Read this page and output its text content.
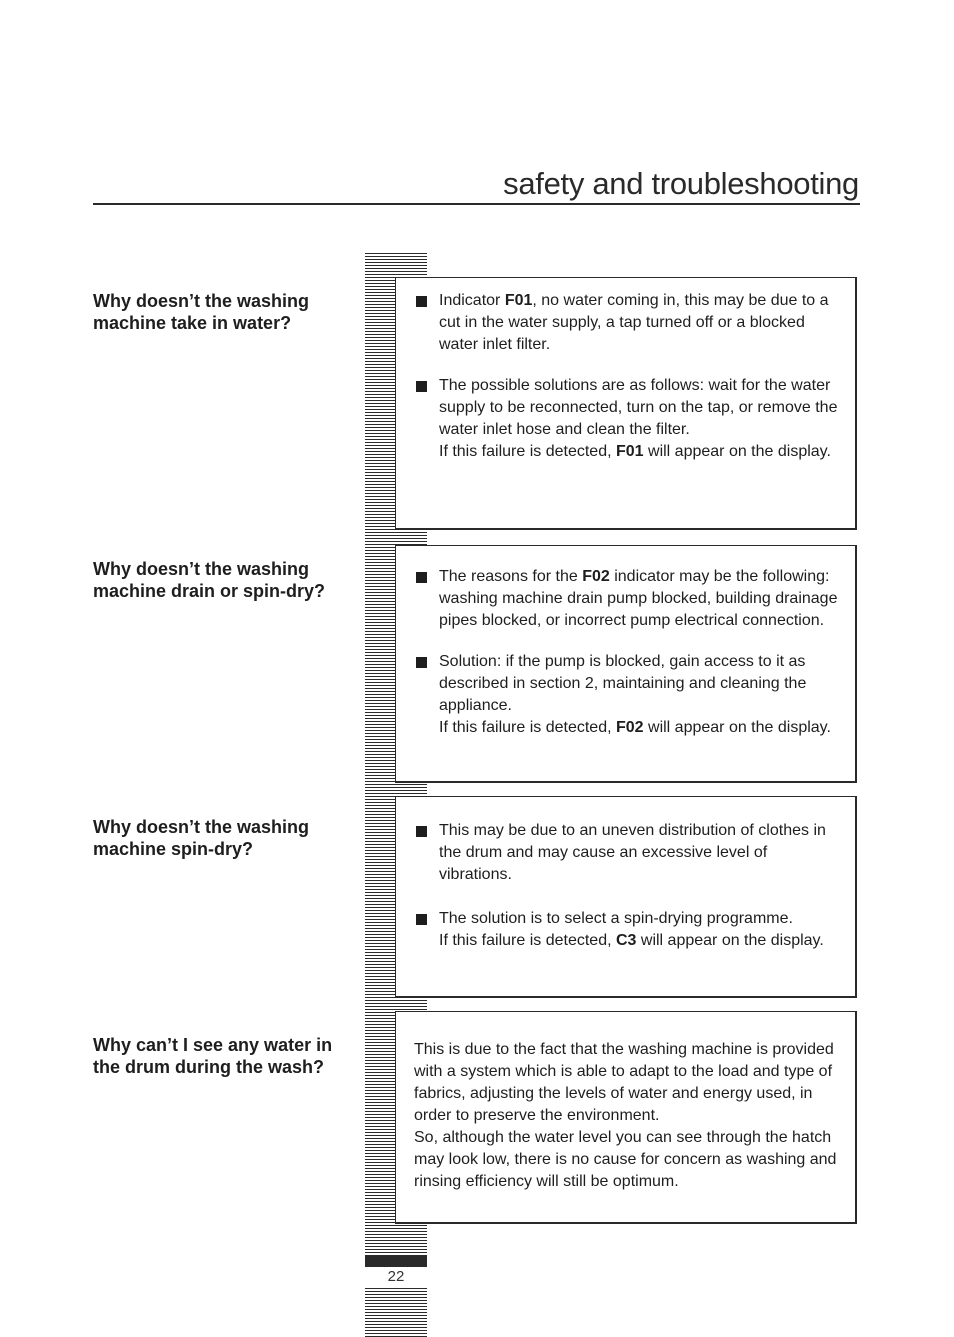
safety and troubleshooting
22
Why doesn’t the washing machine take in water?
Indicator F01, no water coming in, this may be due to a cut in the water supply, a tap turned off or a blocked water inlet filter.
The possible solutions are as follows: wait for the water supply to be reconnected, turn on the tap, or remove the water inlet hose and clean the filter.
If this failure is detected, F01 will appear on the display.
Why doesn’t the washing machine drain or spin-dry?
The reasons for the F02 indicator may be the following: washing machine drain pump blocked, building drainage pipes blocked, or incorrect pump electrical connection.
Solution: if the pump is blocked, gain access to it as described in section 2, maintaining and cleaning the appliance.
If this failure is detected, F02 will appear on the display.
Why doesn’t the washing machine spin-dry?
This may be due to an uneven distribution of clothes in the drum and may cause an excessive level of vibrations.
The solution is to select a spin-drying programme.
If this failure is detected, C3 will appear on the display.
Why can’t I see any water in the drum during the wash?
This is due to the fact that the washing machine is provided with a system which is able to adapt to the load and type of fabrics, adjusting the levels of water and energy used, in order to preserve the environment.
So, although the water level you can see through the hatch may look low, there is no cause for concern as washing and rinsing efficiency will still be optimum.
